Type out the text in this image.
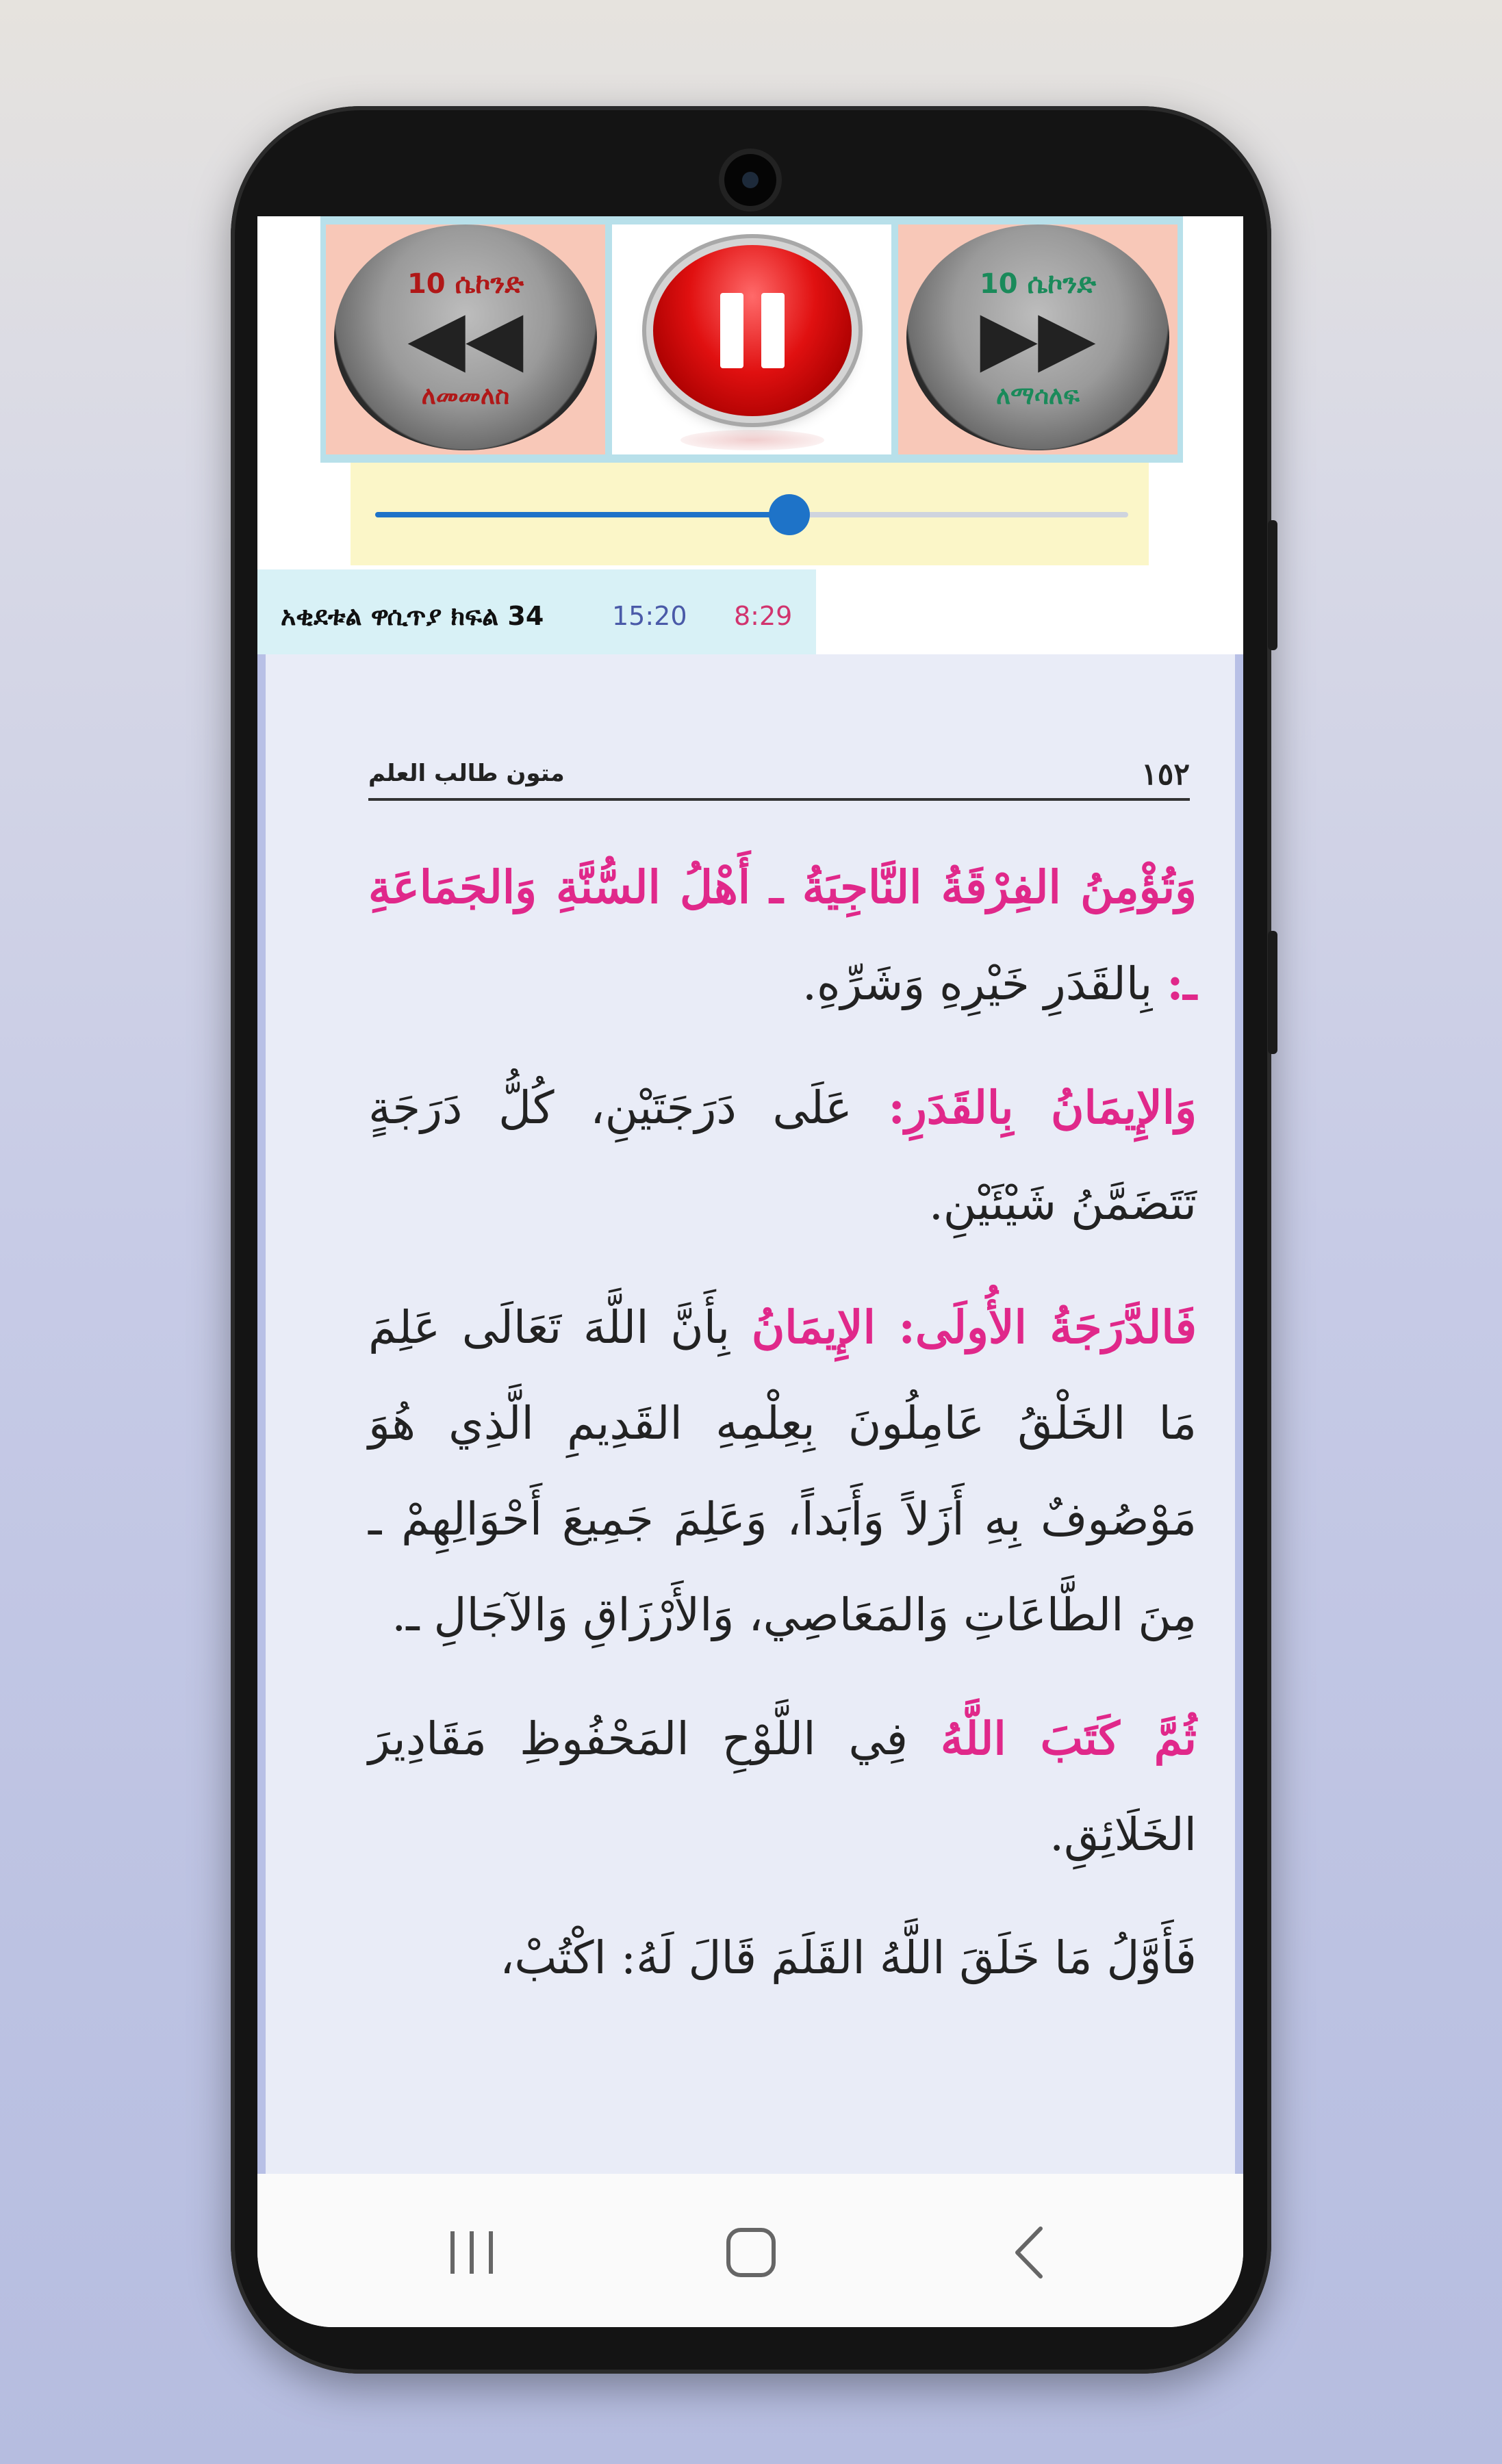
10 ሴኮንድ
◀◀
ለመመለስ
10 ሴኮንድ
▶▶
ለማሳለፍ
አቂደቱል ዋሲጥያ ክፍል 34	15:20 8:29
١٥٢
متون طالب العلم
وَتُؤْمِنُ الفِرْقَةُ النَّاجِيَةُ ـ أَهْلُ السُّنَّةِ وَالجَمَاعَةِ ـ: بِالقَدَرِ خَيْرِهِ وَشَرِّهِ.
وَالإِيمَانُ بِالقَدَرِ: عَلَى دَرَجَتَيْنِ، كُلُّ دَرَجَةٍ تَتَضَمَّنُ شَيْئَيْنِ.
فَالدَّرَجَةُ الأُولَى: الإِيمَانُ بِأَنَّ اللَّهَ تَعَالَى عَلِمَ مَا الخَلْقُ عَامِلُونَ بِعِلْمِهِ القَدِيمِ الَّذِي هُوَ مَوْصُوفٌ بِهِ أَزَلاً وَأَبَداً، وَعَلِمَ جَمِيعَ أَحْوَالِهِمْ ـ مِنَ الطَّاعَاتِ وَالمَعَاصِي، وَالأَرْزَاقِ وَالآجَالِ ـ.
ثُمَّ كَتَبَ اللَّهُ فِي اللَّوْحِ المَحْفُوظِ مَقَادِيرَ الخَلَائِقِ.
فَأَوَّلُ مَا خَلَقَ اللَّهُ القَلَمَ قَالَ لَهُ: اكْتُبْ،
